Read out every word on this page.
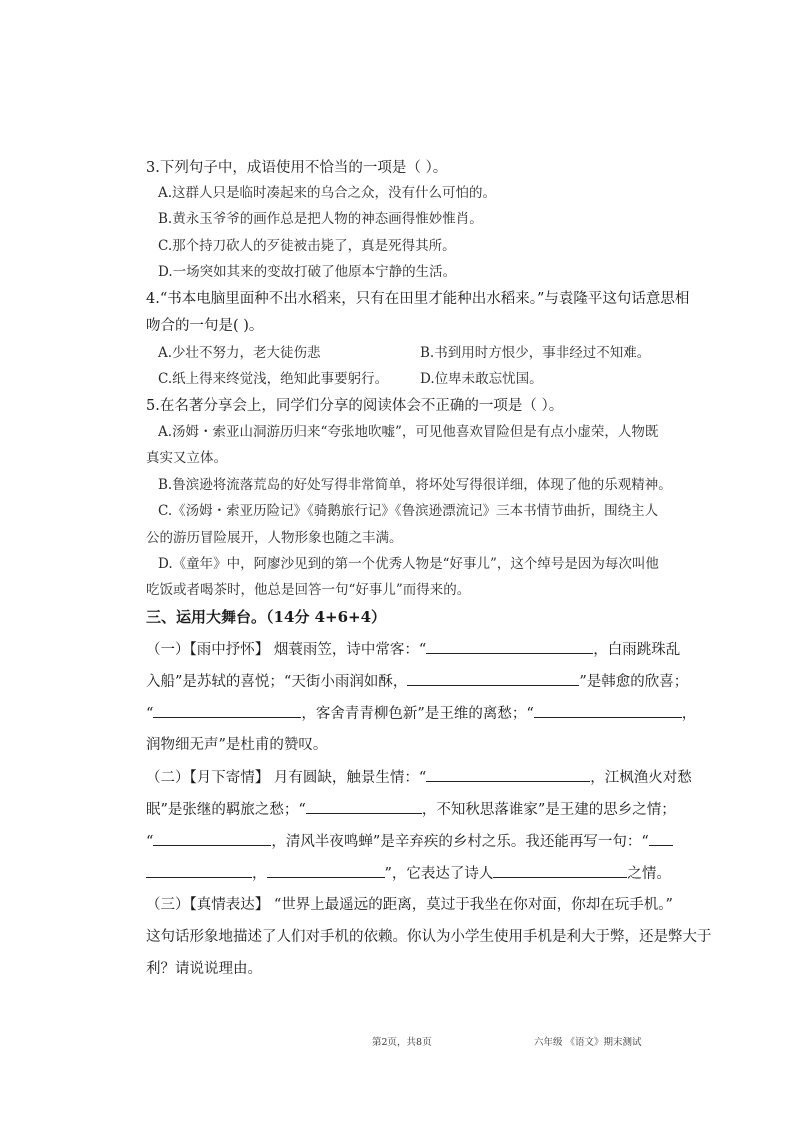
3.下列句子中，成语使用不恰当的一项是（ ）。
A.这群人只是临时凑起来的乌合之众，没有什么可怕的。
B.黄永玉爷爷的画作总是把人物的神态画得惟妙惟肖。
C.那个持刀砍人的歹徒被击毙了，真是死得其所。
D.一场突如其来的变故打破了他原本宁静的生活。
4.“书本电脑里面种不出水稻来，只有在田里才能种出水稻来。”与袁隆平这句话意思相
吻合的一句是( )。
A.少壮不努力，老大徒伤悲	B.书到用时方恨少，事非经过不知难。
C.纸上得来终觉浅，绝知此事要躬行。 D.位卑未敢忘忧国。
5.在名著分享会上，同学们分享的阅读体会不正确的一项是（ ）。
A.汤姆・索亚山洞游历归来“夸张地吹嘘”，可见他喜欢冒险但是有点小虚荣，人物既
真实又立体。
B.鲁滨逊将流落荒岛的好处写得非常简单，将坏处写得很详细，体现了他的乐观精神。
C.《汤姆・索亚历险记》《骑鹅旅行记》《鲁滨逊漂流记》三本书情节曲折，围绕主人
公的游历冒险展开，人物形象也随之丰满。
D.《童年》中，阿廖沙见到的第一个优秀人物是“好事儿”，这个绰号是因为每次叫他
吃饭或者喝茶时，他总是回答一句“好事儿”而得来的。
三、运用大舞台。（14分 4+6+4）
（一）【雨中抒怀】 烟蓑雨笠，诗中常客：“	，白雨跳珠乱
入船”是苏轼的喜悦；“天街小雨润如酥，	”是韩愈的欣喜；
“	，客舍青青柳色新”是王维的离愁；“	，
润物细无声”是杜甫的赞叹。
（二）【月下寄情】 月有圆缺，触景生情：“	，江枫渔火对愁
眠”是张继的羁旅之愁；“	，不知秋思落谁家”是王建的思乡之情；
“	，清风半夜鸣蝉”是辛弃疾的乡村之乐。我还能再写一句：“
，	”，它表达了诗人	之情。
（三）【真情表达】 “世界上最遥远的距离，莫过于我坐在你对面，你却在玩手机。”
这句话形象地描述了人们对手机的依赖。你认为小学生使用手机是利大于弊，还是弊大于
利？请说说理由。
第2页，共8页	六年级 《语文》期末测试
